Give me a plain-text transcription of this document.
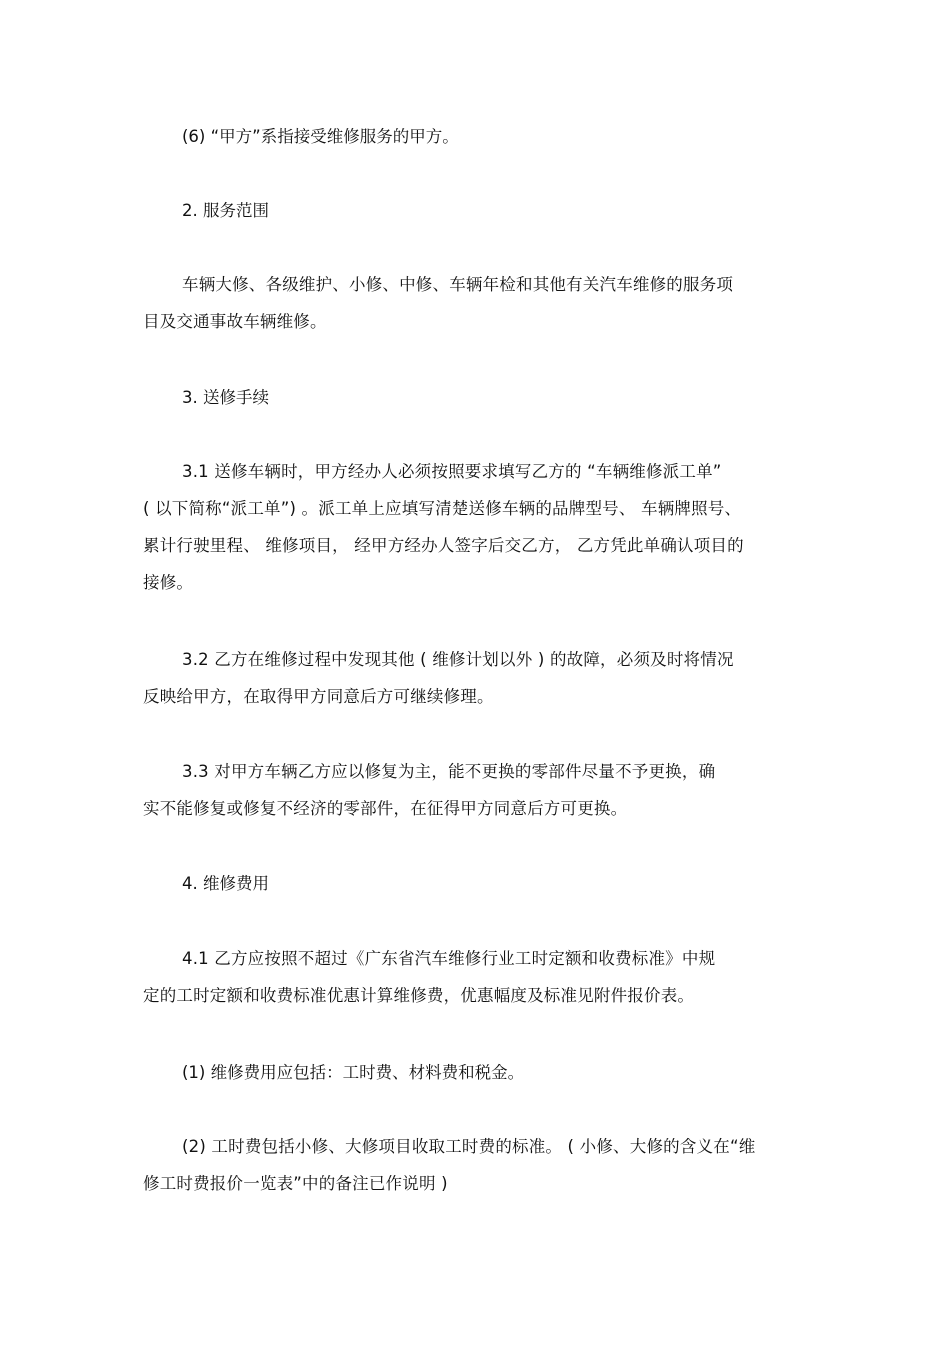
(6) “甲方”系指接受维修服务的甲方。
2. 服务范围
车辆大修、各级维护、小修、中修、车辆年检和其他有关汽车维修的服务项
目及交通事故车辆维修。
3. 送修手续
3.1 送修车辆时，甲方经办人必须按照要求填写乙方的 “车辆维修派工单”
( 以下简称“派工单”) 。派工单上应填写清楚送修车辆的品牌型号、 车辆牌照号、
累计行驶里程、 维修项目， 经甲方经办人签字后交乙方， 乙方凭此单确认项目的
接修。
3.2 乙方在维修过程中发现其他 ( 维修计划以外 ) 的故障，必须及时将情况
反映给甲方，在取得甲方同意后方可继续修理。
3.3 对甲方车辆乙方应以修复为主，能不更换的零部件尽量不予更换，确
实不能修复或修复不经济的零部件，在征得甲方同意后方可更换。
4. 维修费用
4.1 乙方应按照不超过《广东省汽车维修行业工时定额和收费标准》中规
定的工时定额和收费标准优惠计算维修费，优惠幅度及标准见附件报价表。
(1) 维修费用应包括：工时费、材料费和税金。
(2) 工时费包括小修、大修项目收取工时费的标准。 ( 小修、大修的含义在“维
修工时费报价一览表”中的备注已作说明 )
